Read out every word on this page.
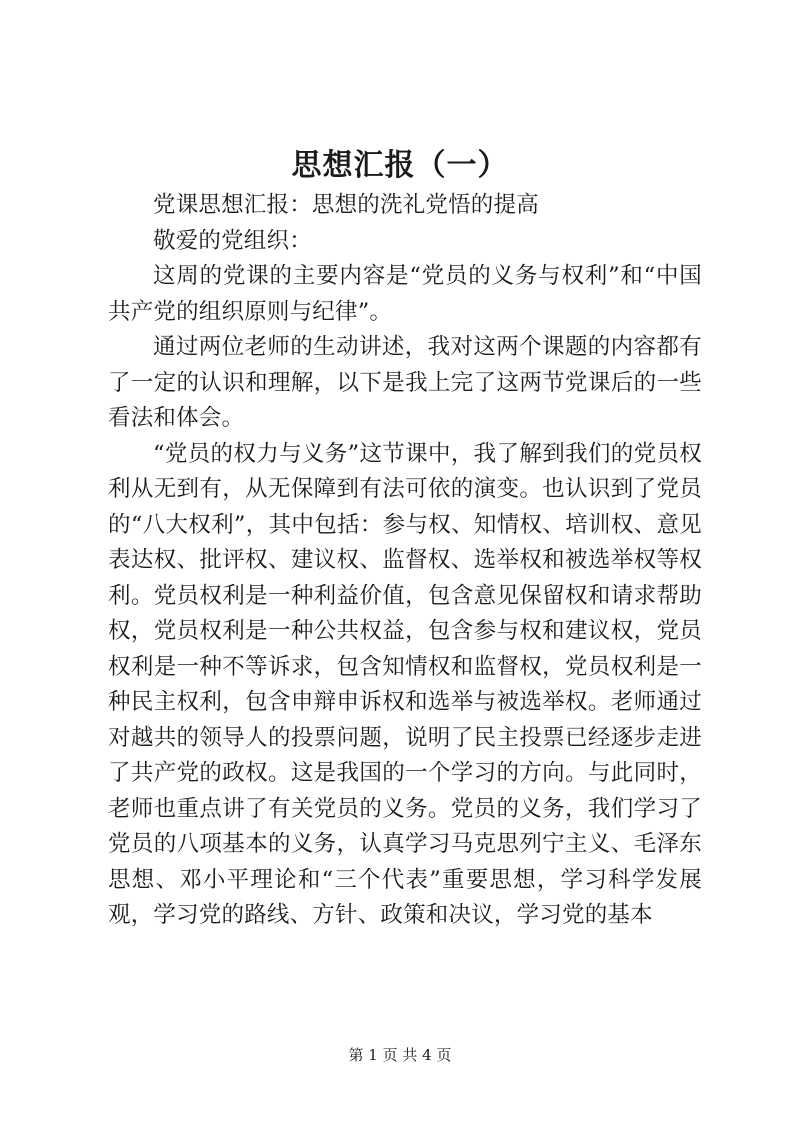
思想汇报（一）

党课思想汇报：思想的洗礼党悟的提高

敬爱的党组织：

这周的党课的主要内容是“党员的义务与权利”和“中国共产党的组织原则与纪律”。

通过两位老师的生动讲述，我对这两个课题的内容都有了一定的认识和理解，以下是我上完了这两节党课后的一些看法和体会。

“党员的权力与义务”这节课中，我了解到我们的党员权利从无到有，从无保障到有法可依的演变。也认识到了党员的“八大权利”，其中包括：参与权、知情权、培训权、意见表达权、批评权、建议权、监督权、选举权和被选举权等权利。党员权利是一种利益价值，包含意见保留权和请求帮助权，党员权利是一种公共权益，包含参与权和建议权，党员权利是一种不等诉求，包含知情权和监督权，党员权利是一种民主权利，包含申辩申诉权和选举与被选举权。老师通过对越共的领导人的投票问题，说明了民主投票已经逐步走进了共产党的政权。这是我国的一个学习的方向。与此同时，老师也重点讲了有关党员的义务。党员的义务，我们学习了党员的八项基本的义务，认真学习马克思列宁主义、毛泽东思想、邓小平理论和“三个代表”重要思想，学习科学发展观，学习党的路线、方针、政策和决议，学习党的基本

第 1 页 共 4 页
